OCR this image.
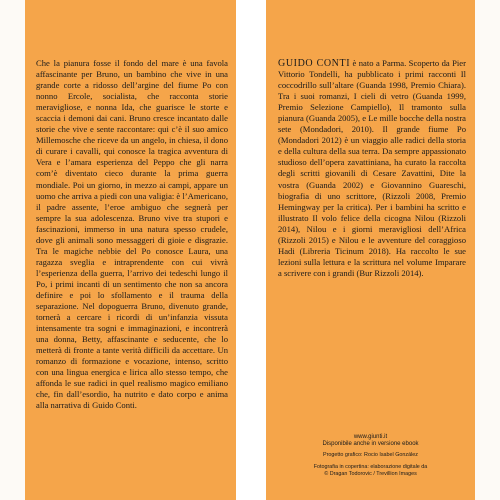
Che la pianura fosse il fondo del mare è una favola affascinante per Bruno, un bambino che vive in una grande corte a ridosso dell’argine del fiume Po con nonno Ercole, socialista, che racconta storie meravigliose, e nonna Ida, che guarisce le storte e scaccia i demoni dai cani. Bruno cresce incantato dalle storie che vive e sente raccontare: qui c’è il suo amico Millemosche che riceve da un angelo, in chiesa, il dono di curare i cavalli, qui conosce la tragica avventura di Vera e l’amara esperienza del Peppo che gli narra com’è diventato cieco durante la prima guerra mondiale. Poi un giorno, in mezzo ai campi, appare un uomo che arriva a piedi con una valigia: è l’Americano, il padre assente, l’eroe ambiguo che segnerà per sempre la sua adolescenza. Bruno vive tra stupori e fascinazioni, immerso in una natura spesso crudele, dove gli animali sono messaggeri di gioie e disgrazie. Tra le magiche nebbie del Po conosce Laura, una ragazza sveglia e intraprendente con cui vivrà l’esperienza della guerra, l’arrivo dei tedeschi lungo il Po, i primi incanti di un sentimento che non sa ancora definire e poi lo sfollamento e il trauma della separazione. Nel dopoguerra Bruno, divenuto grande, tornerà a cercare i ricordi di un’infanzia vissuta intensamente tra sogni e immaginazioni, e incontrerà una donna, Betty, affascinante e seducente, che lo metterà di fronte a tante verità difficili da accettare. Un romanzo di formazione e vocazione, intenso, scritto con una lingua energica e lirica allo stesso tempo, che affonda le sue radici in quel realismo magico emiliano che, fin dall’esordio, ha nutrito e dato corpo e anima alla narrativa di Guido Conti.

GUIDO CONTI è nato a Parma. Scoperto da Pier Vittorio Tondelli, ha pubblicato i primi racconti Il coccodrillo sull’altare (Guanda 1998, Premio Chiara). Tra i suoi romanzi, I cieli di vetro (Guanda 1999, Premio Selezione Campiello), Il tramonto sulla pianura (Guanda 2005), e Le mille bocche della nostra sete (Mondadori, 2010). Il grande fiume Po (Mondadori 2012) è un viaggio alle radici della storia e della cultura della sua terra. Da sempre appassionato studioso dell’opera zavattiniana, ha curato la raccolta degli scritti giovanili di Cesare Zavattini, Dite la vostra (Guanda 2002) e Giovannino Guareschi, biografia di uno scrittore, (Rizzoli 2008, Premio Hemingway per la critica). Per i bambini ha scritto e illustrato Il volo felice della cicogna Nilou (Rizzoli 2014), Nilou e i giorni meravigliosi dell’Africa (Rizzoli 2015) e Nilou e le avventure del coraggioso Hadi (Libreria Ticinum 2018). Ha raccolto le sue lezioni sulla lettura e la scrittura nel volume Imparare a scrivere con i grandi (Bur Rizzoli 2014).

www.giunti.it
Disponibile anche in versione ebook
Progetto grafico: Rocio Isabel González
Fotografia in copertina: elaborazione digitale da
© Dragan Todorovic / Trevillion Images
